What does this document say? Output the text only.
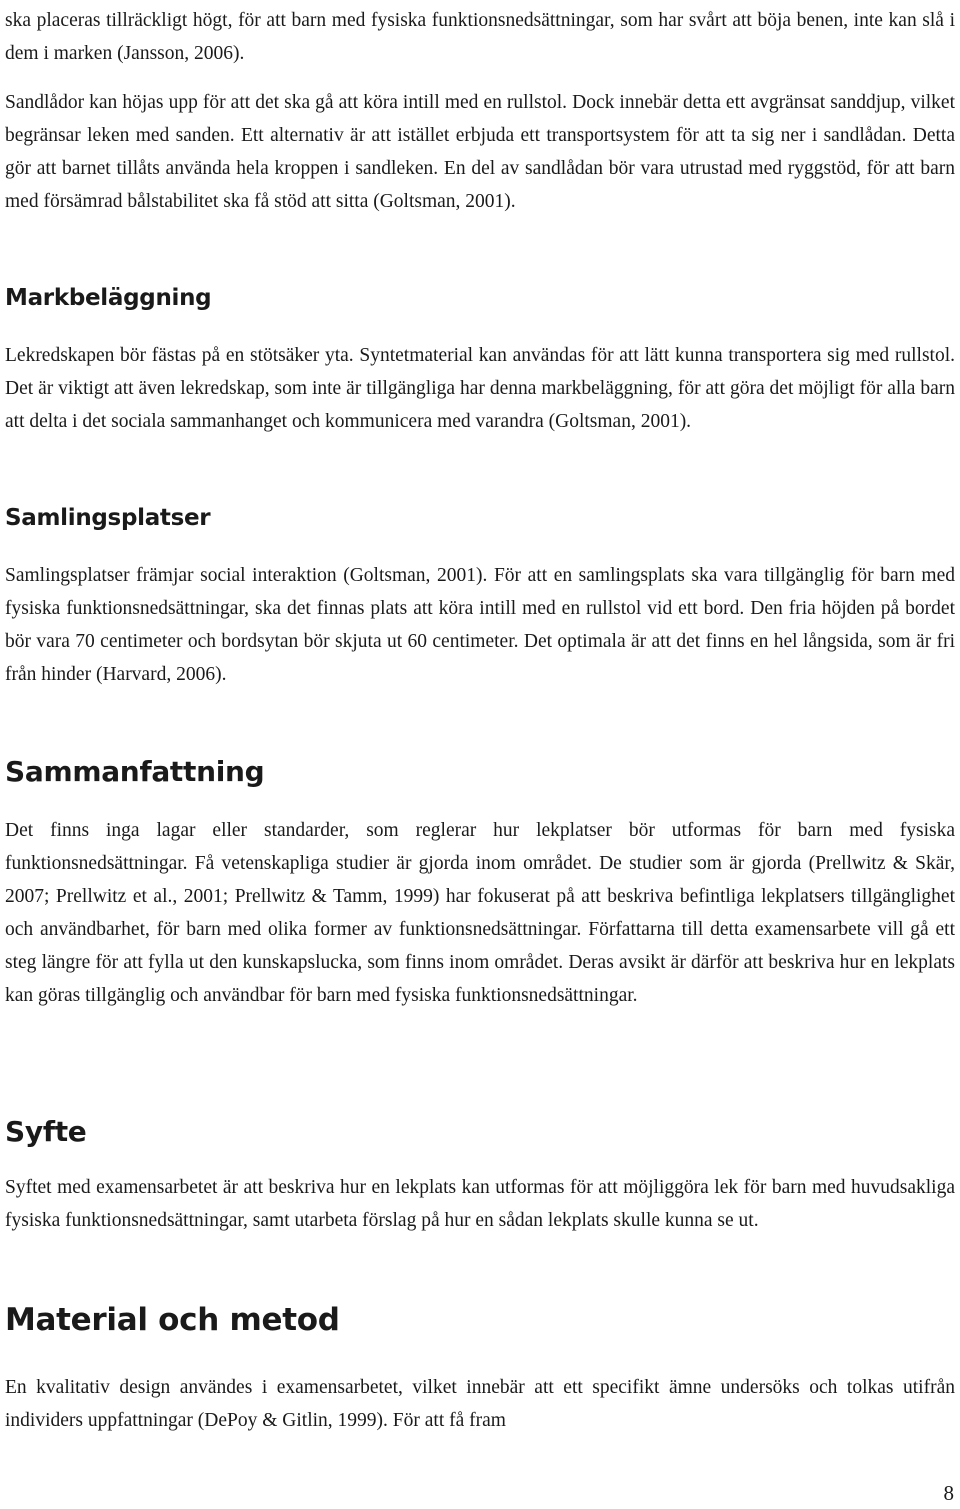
ska placeras tillräckligt högt, för att barn med fysiska funktionsnedsättningar, som har svårt att böja benen, inte kan slå i dem i marken (Jansson, 2006).

Sandlådor kan höjas upp för att det ska gå att köra intill med en rullstol. Dock innebär detta ett avgränsat sanddjup, vilket begränsar leken med sanden. Ett alternativ är att istället erbjuda ett transportsystem för att ta sig ner i sandlådan. Detta gör att barnet tillåts använda hela kroppen i sandleken. En del av sandlådan bör vara utrustad med ryggstöd, för att barn med försämrad bålstabilitet ska få stöd att sitta (Goltsman, 2001).

Markbeläggning

Lekredskapen bör fästas på en stötsäker yta. Syntetmaterial kan användas för att lätt kunna transportera sig med rullstol. Det är viktigt att även lekredskap, som inte är tillgängliga har denna markbeläggning, för att göra det möjligt för alla barn att delta i det sociala sammanhanget och kommunicera med varandra (Goltsman, 2001).

Samlingsplatser

Samlingsplatser främjar social interaktion (Goltsman, 2001). För att en samlingsplats ska vara tillgänglig för barn med fysiska funktionsnedsättningar, ska det finnas plats att köra intill med en rullstol vid ett bord. Den fria höjden på bordet bör vara 70 centimeter och bordsytan bör skjuta ut 60 centimeter. Det optimala är att det finns en hel långsida, som är fri från hinder (Harvard, 2006).

Sammanfattning

Det finns inga lagar eller standarder, som reglerar hur lekplatser bör utformas för barn med fysiska funktionsnedsättningar. Få vetenskapliga studier är gjorda inom området. De studier som är gjorda (Prellwitz & Skär, 2007; Prellwitz et al., 2001; Prellwitz & Tamm, 1999) har fokuserat på att beskriva befintliga lekplatsers tillgänglighet och användbarhet, för barn med olika former av funktionsnedsättningar. Författarna till detta examensarbete vill gå ett steg längre för att fylla ut den kunskapslucka, som finns inom området. Deras avsikt är därför att beskriva hur en lekplats kan göras tillgänglig och användbar för barn med fysiska funktionsnedsättningar.

Syfte

Syftet med examensarbetet är att beskriva hur en lekplats kan utformas för att möjliggöra lek för barn med huvudsakliga fysiska funktionsnedsättningar, samt utarbeta förslag på hur en sådan lekplats skulle kunna se ut.

Material och metod

En kvalitativ design användes i examensarbetet, vilket innebär att ett specifikt ämne undersöks och tolkas utifrån individers uppfattningar (DePoy & Gitlin, 1999). För att få fram

8
